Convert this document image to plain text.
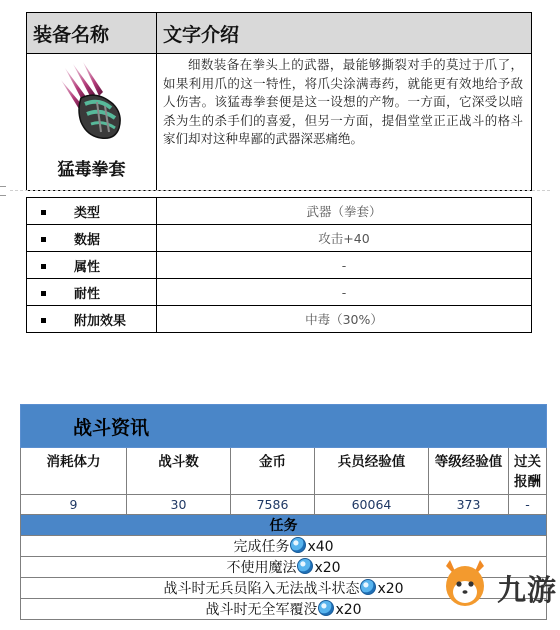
装备名称	文字介绍

猛毒拳套	细数装备在拳头上的武器，最能够撕裂对手的莫过于爪了，如果利用爪的这一特性，将爪尖涂满毒药，就能更有效地给予敌人伤害。该猛毒拳套便是这一设想的产物。一方面，它深受以暗杀为生的杀手们的喜爱，但另一方面，提倡堂堂正正战斗的格斗家们却对这种卑鄙的武器深恶痛绝。
类型	武器（拳套）
数据	攻击+40
属性	-
耐性	-
附加效果	中毒（30%）
战斗资讯					
消耗体力	战斗数	金币	兵员经验值	等级经验值	过关报酬
9	30	7586	60064	373	-
任务					
完成任务 x40					
不使用魔法 x20					
战斗时无兵员陷入无法战斗状态 x20					
战斗时无全军覆没 x20					
九游
